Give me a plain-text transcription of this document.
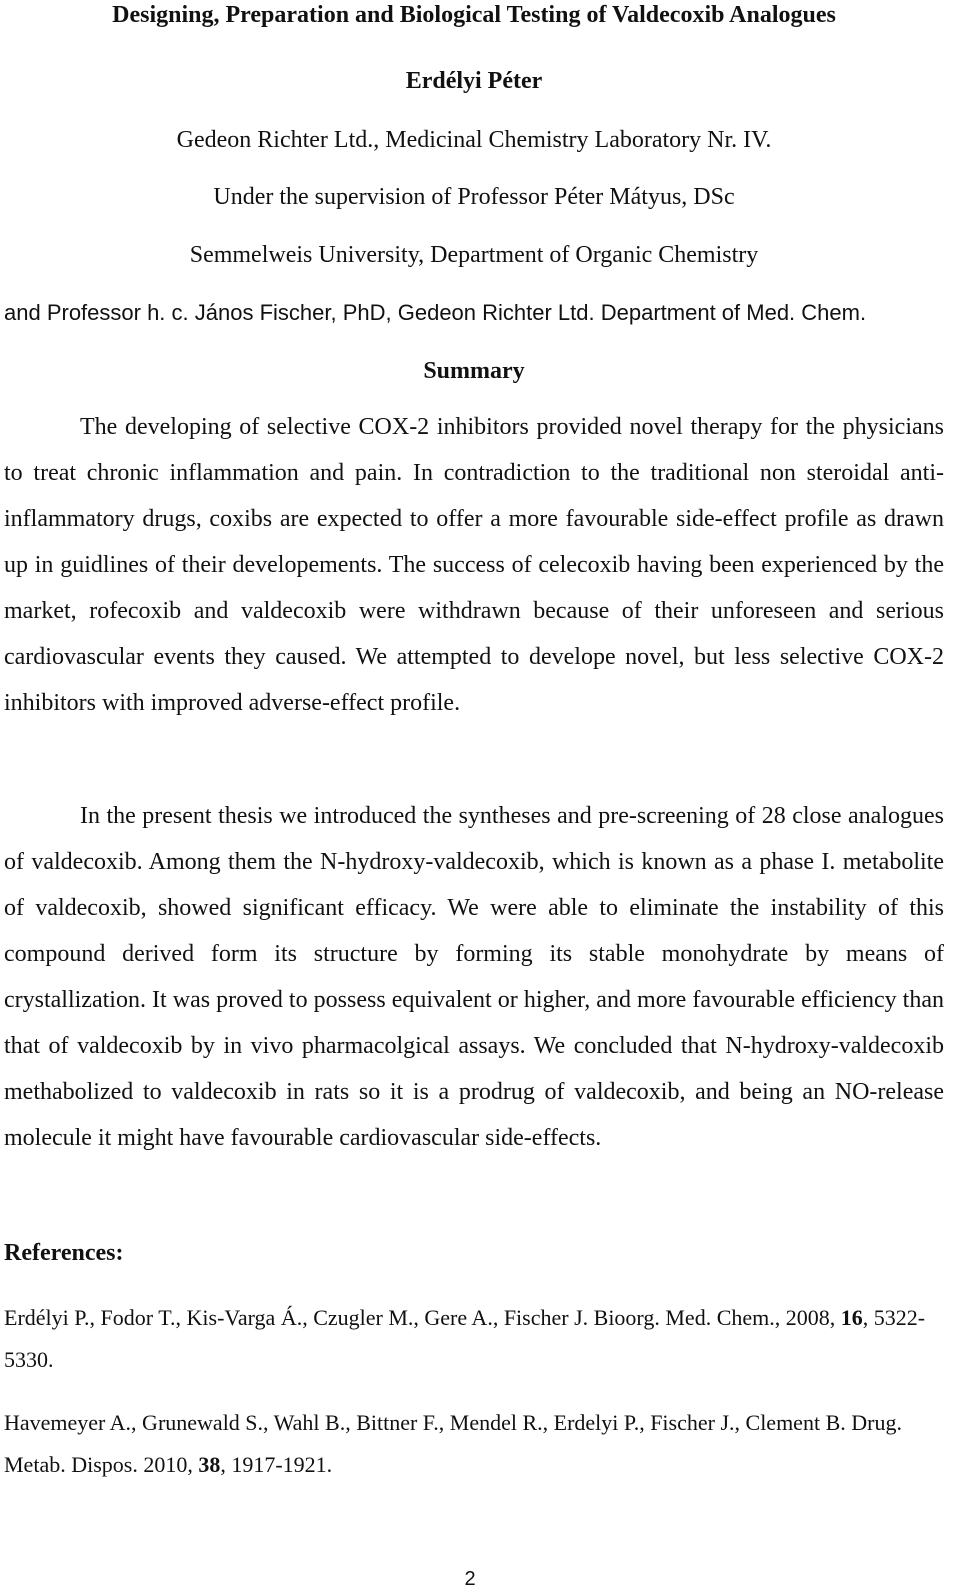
Designing, Preparation and Biological Testing of Valdecoxib Analogues
Erdélyi Péter
Gedeon Richter Ltd., Medicinal Chemistry Laboratory Nr. IV.
Under the supervision of Professor Péter Mátyus, DSc
Semmelweis University, Department of Organic Chemistry
and Professor h. c. János Fischer, PhD, Gedeon Richter Ltd. Department of Med. Chem.
Summary

The developing of selective COX-2 inhibitors provided novel therapy for the physicians to treat chronic inflammation and pain. In contradiction to the traditional non steroidal anti-inflammatory drugs, coxibs are expected to offer a more favourable side-effect profile as drawn up in guidlines of their developements. The success of celecoxib having been experienced by the market, rofecoxib and valdecoxib were withdrawn because of their unforeseen and serious cardiovascular events they caused. We attempted to develope novel, but less selective COX-2 inhibitors with improved adverse-effect profile.

In the present thesis we introduced the syntheses and pre-screening of 28 close analogues of valdecoxib. Among them the N-hydroxy-valdecoxib, which is known as a phase I. metabolite of valdecoxib, showed significant efficacy. We were able to eliminate the instability of this compound derived form its structure by forming its stable monohydrate by means of crystallization. It was proved to possess equivalent or higher, and more favourable efficiency than that of valdecoxib by in vivo pharmacolgical assays. We concluded that N-hydroxy-valdecoxib methabolized to valdecoxib in rats so it is a prodrug of valdecoxib, and being an NO-release molecule it might have favourable cardiovascular side-effects.

References:

Erdélyi P., Fodor T., Kis-Varga Á., Czugler M., Gere A., Fischer J. Bioorg. Med. Chem., 2008, 16, 5322-5330.

Havemeyer A., Grunewald S., Wahl B., Bittner F., Mendel R., Erdelyi P., Fischer J., Clement B. Drug. Metab. Dispos. 2010, 38, 1917-1921.

2
